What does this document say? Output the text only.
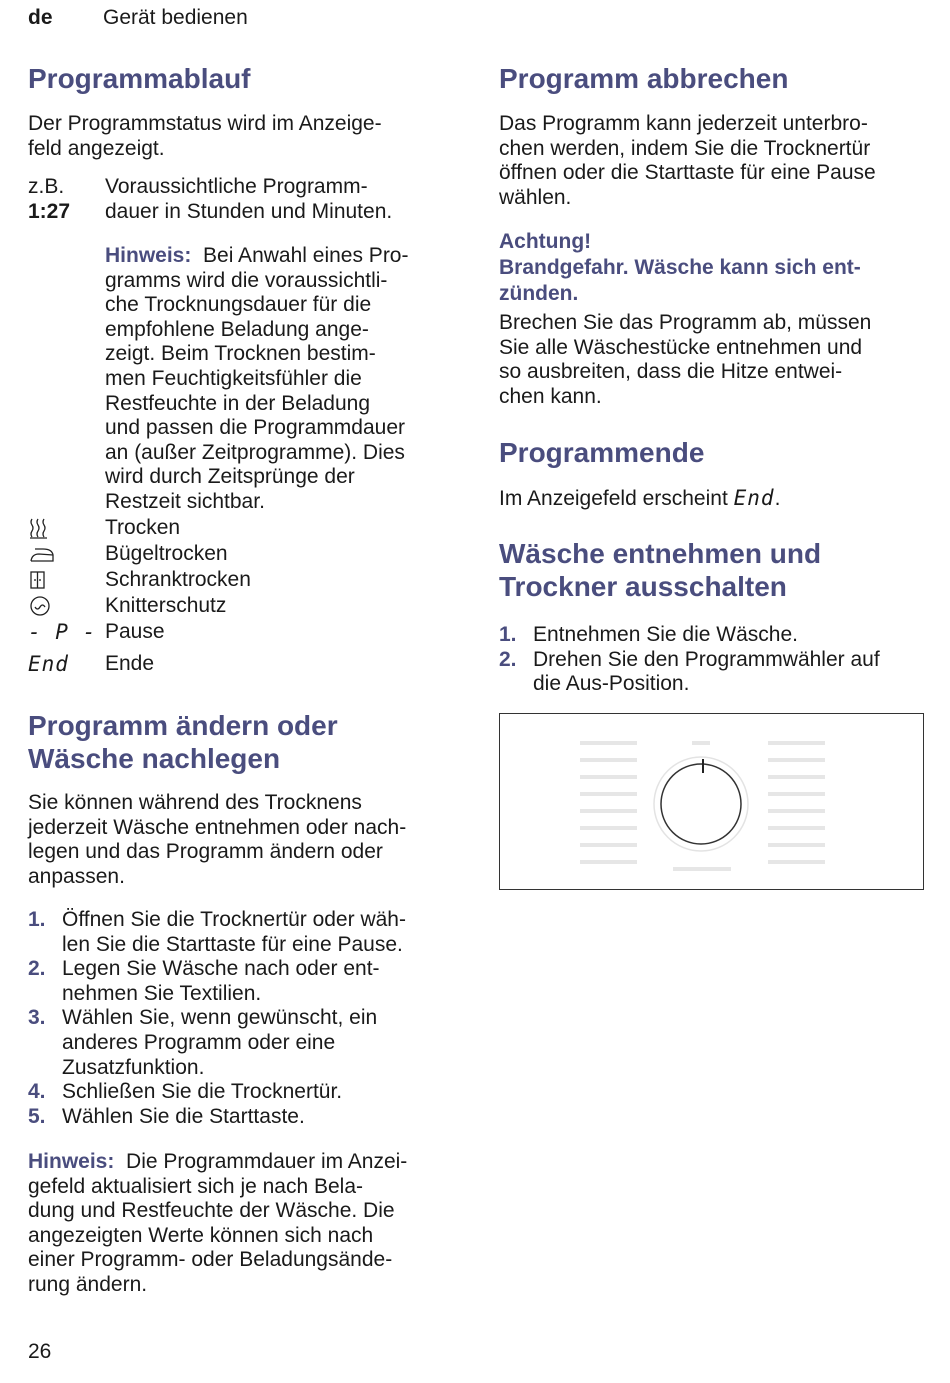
de Gerät bedienen
Programmablauf
Der Programmstatus wird im Anzeige-
feld angezeigt.
z.B.
1:27
Voraussichtliche Programm-
dauer in Stunden und Minuten.
Hinweis: Bei Anwahl eines Pro-
gramms wird die voraussichtli-
che Trocknungsdauer für die
empfohlene Beladung ange-
zeigt. Beim Trocknen bestim-
men Feuchtigkeitsfühler die
Restfeuchte in der Beladung
und passen die Programmdauer
an (außer Zeitprogramme). Dies
wird durch Zeitsprünge der
Restzeit sichtbar.
Trocken
Bügeltrocken
Schranktrocken
Knitterschutz
- P - Pause
End	Ende
Programm ändern oder
Wäsche nachlegen
Sie können während des Trocknens
jederzeit Wäsche entnehmen oder nach-
legen und das Programm ändern oder
anpassen.
1. Öffnen Sie die Trocknertür oder wäh-
len Sie die Starttaste für eine Pause.
2. Legen Sie Wäsche nach oder ent-
nehmen Sie Textilien.
3. Wählen Sie, wenn gewünscht, ein
anderes Programm oder eine
Zusatzfunktion.
4. Schließen Sie die Trocknertür.
5. Wählen Sie die Starttaste.
Hinweis: Die Programmdauer im Anzei-
gefeld aktualisiert sich je nach Bela-
dung und Restfeuchte der Wäsche. Die
angezeigten Werte können sich nach
einer Programm- oder Beladungsände-
rung ändern.
Programm abbrechen
Das Programm kann jederzeit unterbro-
chen werden, indem Sie die Trocknertür
öffnen oder die Starttaste für eine Pause
wählen.
Achtung!
Brandgefahr. Wäsche kann sich ent-
zünden.
Brechen Sie das Programm ab, müssen
Sie alle Wäschestücke entnehmen und
so ausbreiten, dass die Hitze entwei-
chen kann.
Programmende
Im Anzeigefeld erscheint End.
Wäsche entnehmen und
Trockner ausschalten
1. Entnehmen Sie die Wäsche.
2. Drehen Sie den Programmwähler auf
die Aus-Position.
26
